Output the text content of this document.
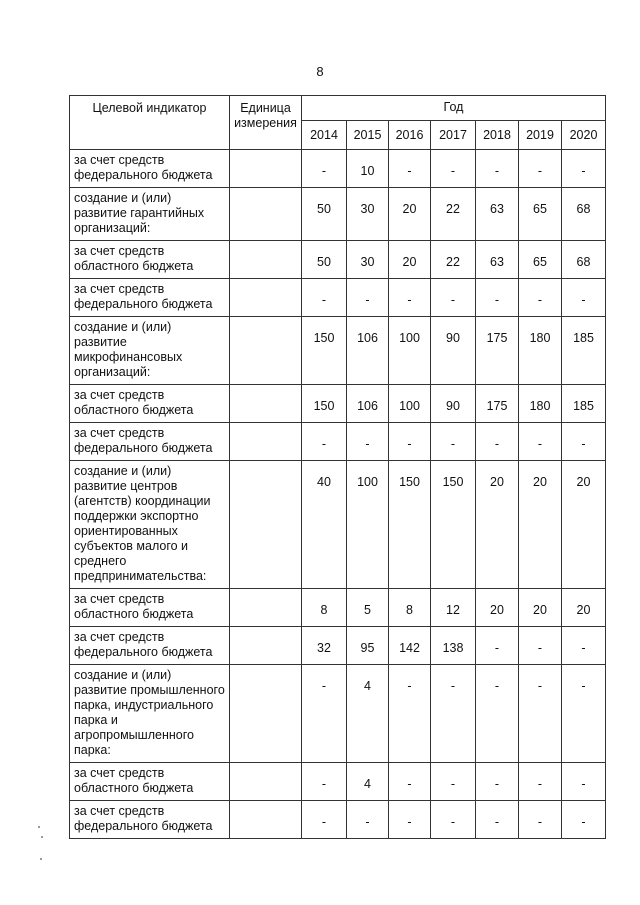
8
Целевой индикатор	Единица измерения	Год						
		2014	2015	2016	2017	2018	2019	2020
за счет средств федерального бюджета		-	10	-	-	-	-	-
создание и (или) развитие гарантийных организаций:		50	30	20	22	63	65	68
за счет средств областного бюджета		50	30	20	22	63	65	68
за счет средств федерального бюджета		-	-	-	-	-	-	-
создание и (или) развитие микрофинансовых организаций:		150	106	100	90	175	180	185
за счет средств областного бюджета		150	106	100	90	175	180	185
за счет средств федерального бюджета		-	-	-	-	-	-	-
создание и (или) развитие центров (агентств) координации поддержки экспортно ориентированных субъектов малого и среднего предпринимательства:		40	100	150	150	20	20	20
за счет средств областного бюджета		8	5	8	12	20	20	20
за счет средств федерального бюджета		32	95	142	138	-	-	-
создание и (или) развитие промышленного парка, индустриального парка и агропромышленного парка:		-	4	-	-	-	-	-
за счет средств областного бюджета		-	4	-	-	-	-	-
за счет средств федерального бюджета		-	-	-	-	-	-	-
